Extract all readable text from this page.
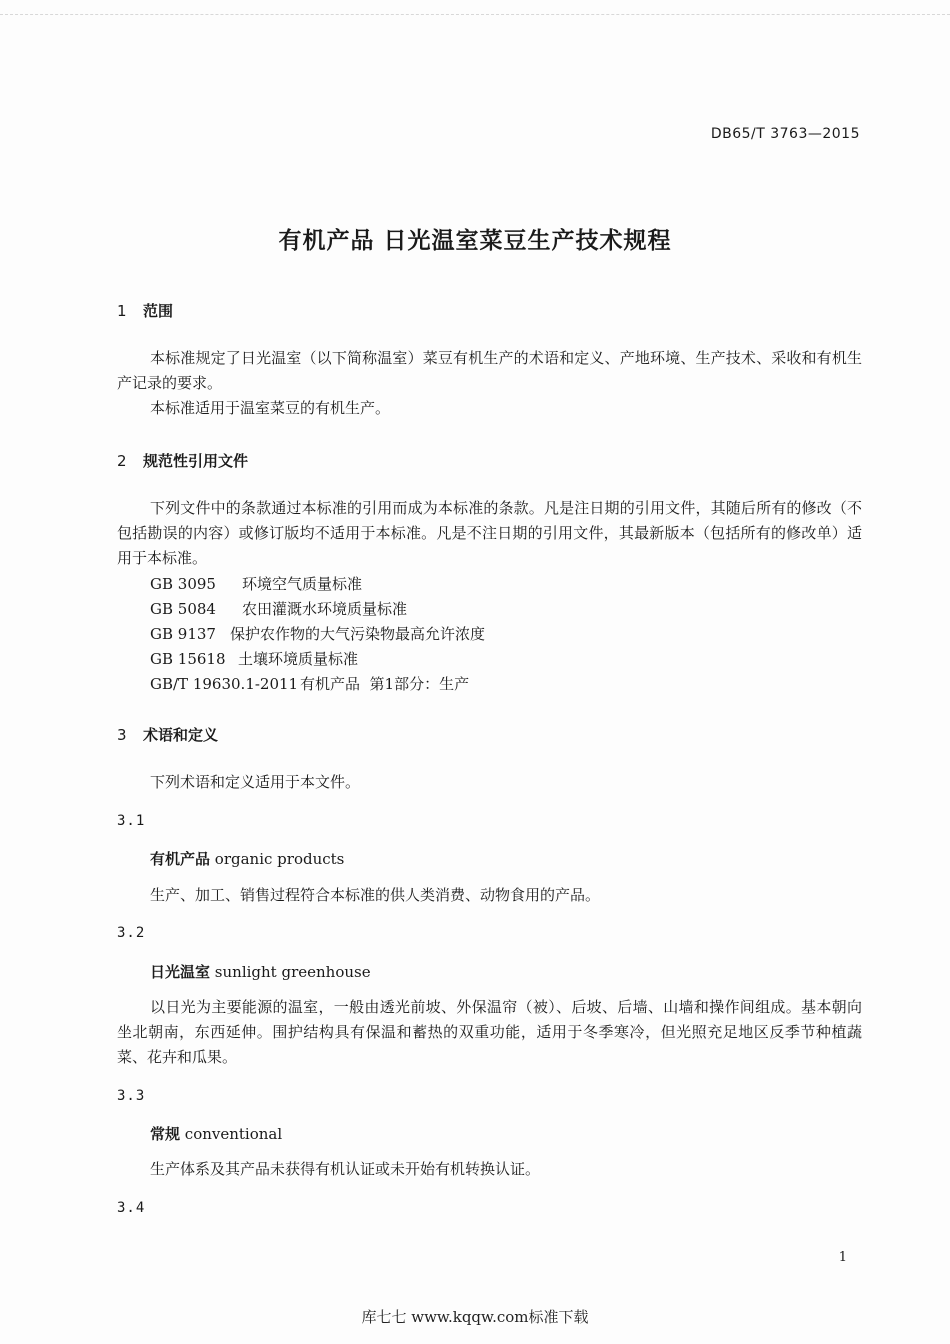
DB65/T 3763—2015
有机产品 日光温室菜豆生产技术规程
1 范围
本标准规定了日光温室（以下简称温室）菜豆有机生产的术语和定义、产地环境、生产技术、采收和有机生产记录的要求。
本标准适用于温室菜豆的有机生产。
2 规范性引用文件
下列文件中的条款通过本标准的引用而成为本标准的条款。凡是注日期的引用文件，其随后所有的修改（不包括勘误的内容）或修订版均不适用于本标准。凡是不注日期的引用文件，其最新版本（包括所有的修改单）适用于本标准。
GB 3095 环境空气质量标准
GB 5084 农田灌溉水环境质量标准
GB 9137 保护农作物的大气污染物最高允许浓度
GB 15618 土壤环境质量标准
GB/T 19630.1-2011 有机产品  第1部分：生产
3 术语和定义
下列术语和定义适用于本文件。
3.1
有机产品 organic products
生产、加工、销售过程符合本标准的供人类消费、动物食用的产品。
3.2
日光温室 sunlight greenhouse
以日光为主要能源的温室，一般由透光前坡、外保温帘（被）、后坡、后墙、山墙和操作间组成。基本朝向坐北朝南，东西延伸。围护结构具有保温和蓄热的双重功能，适用于冬季寒冷，但光照充足地区反季节种植蔬菜、花卉和瓜果。
3.3
常规 conventional
生产体系及其产品未获得有机认证或未开始有机转换认证。
3.4
1
库七七 www.kqqw.com标准下载
